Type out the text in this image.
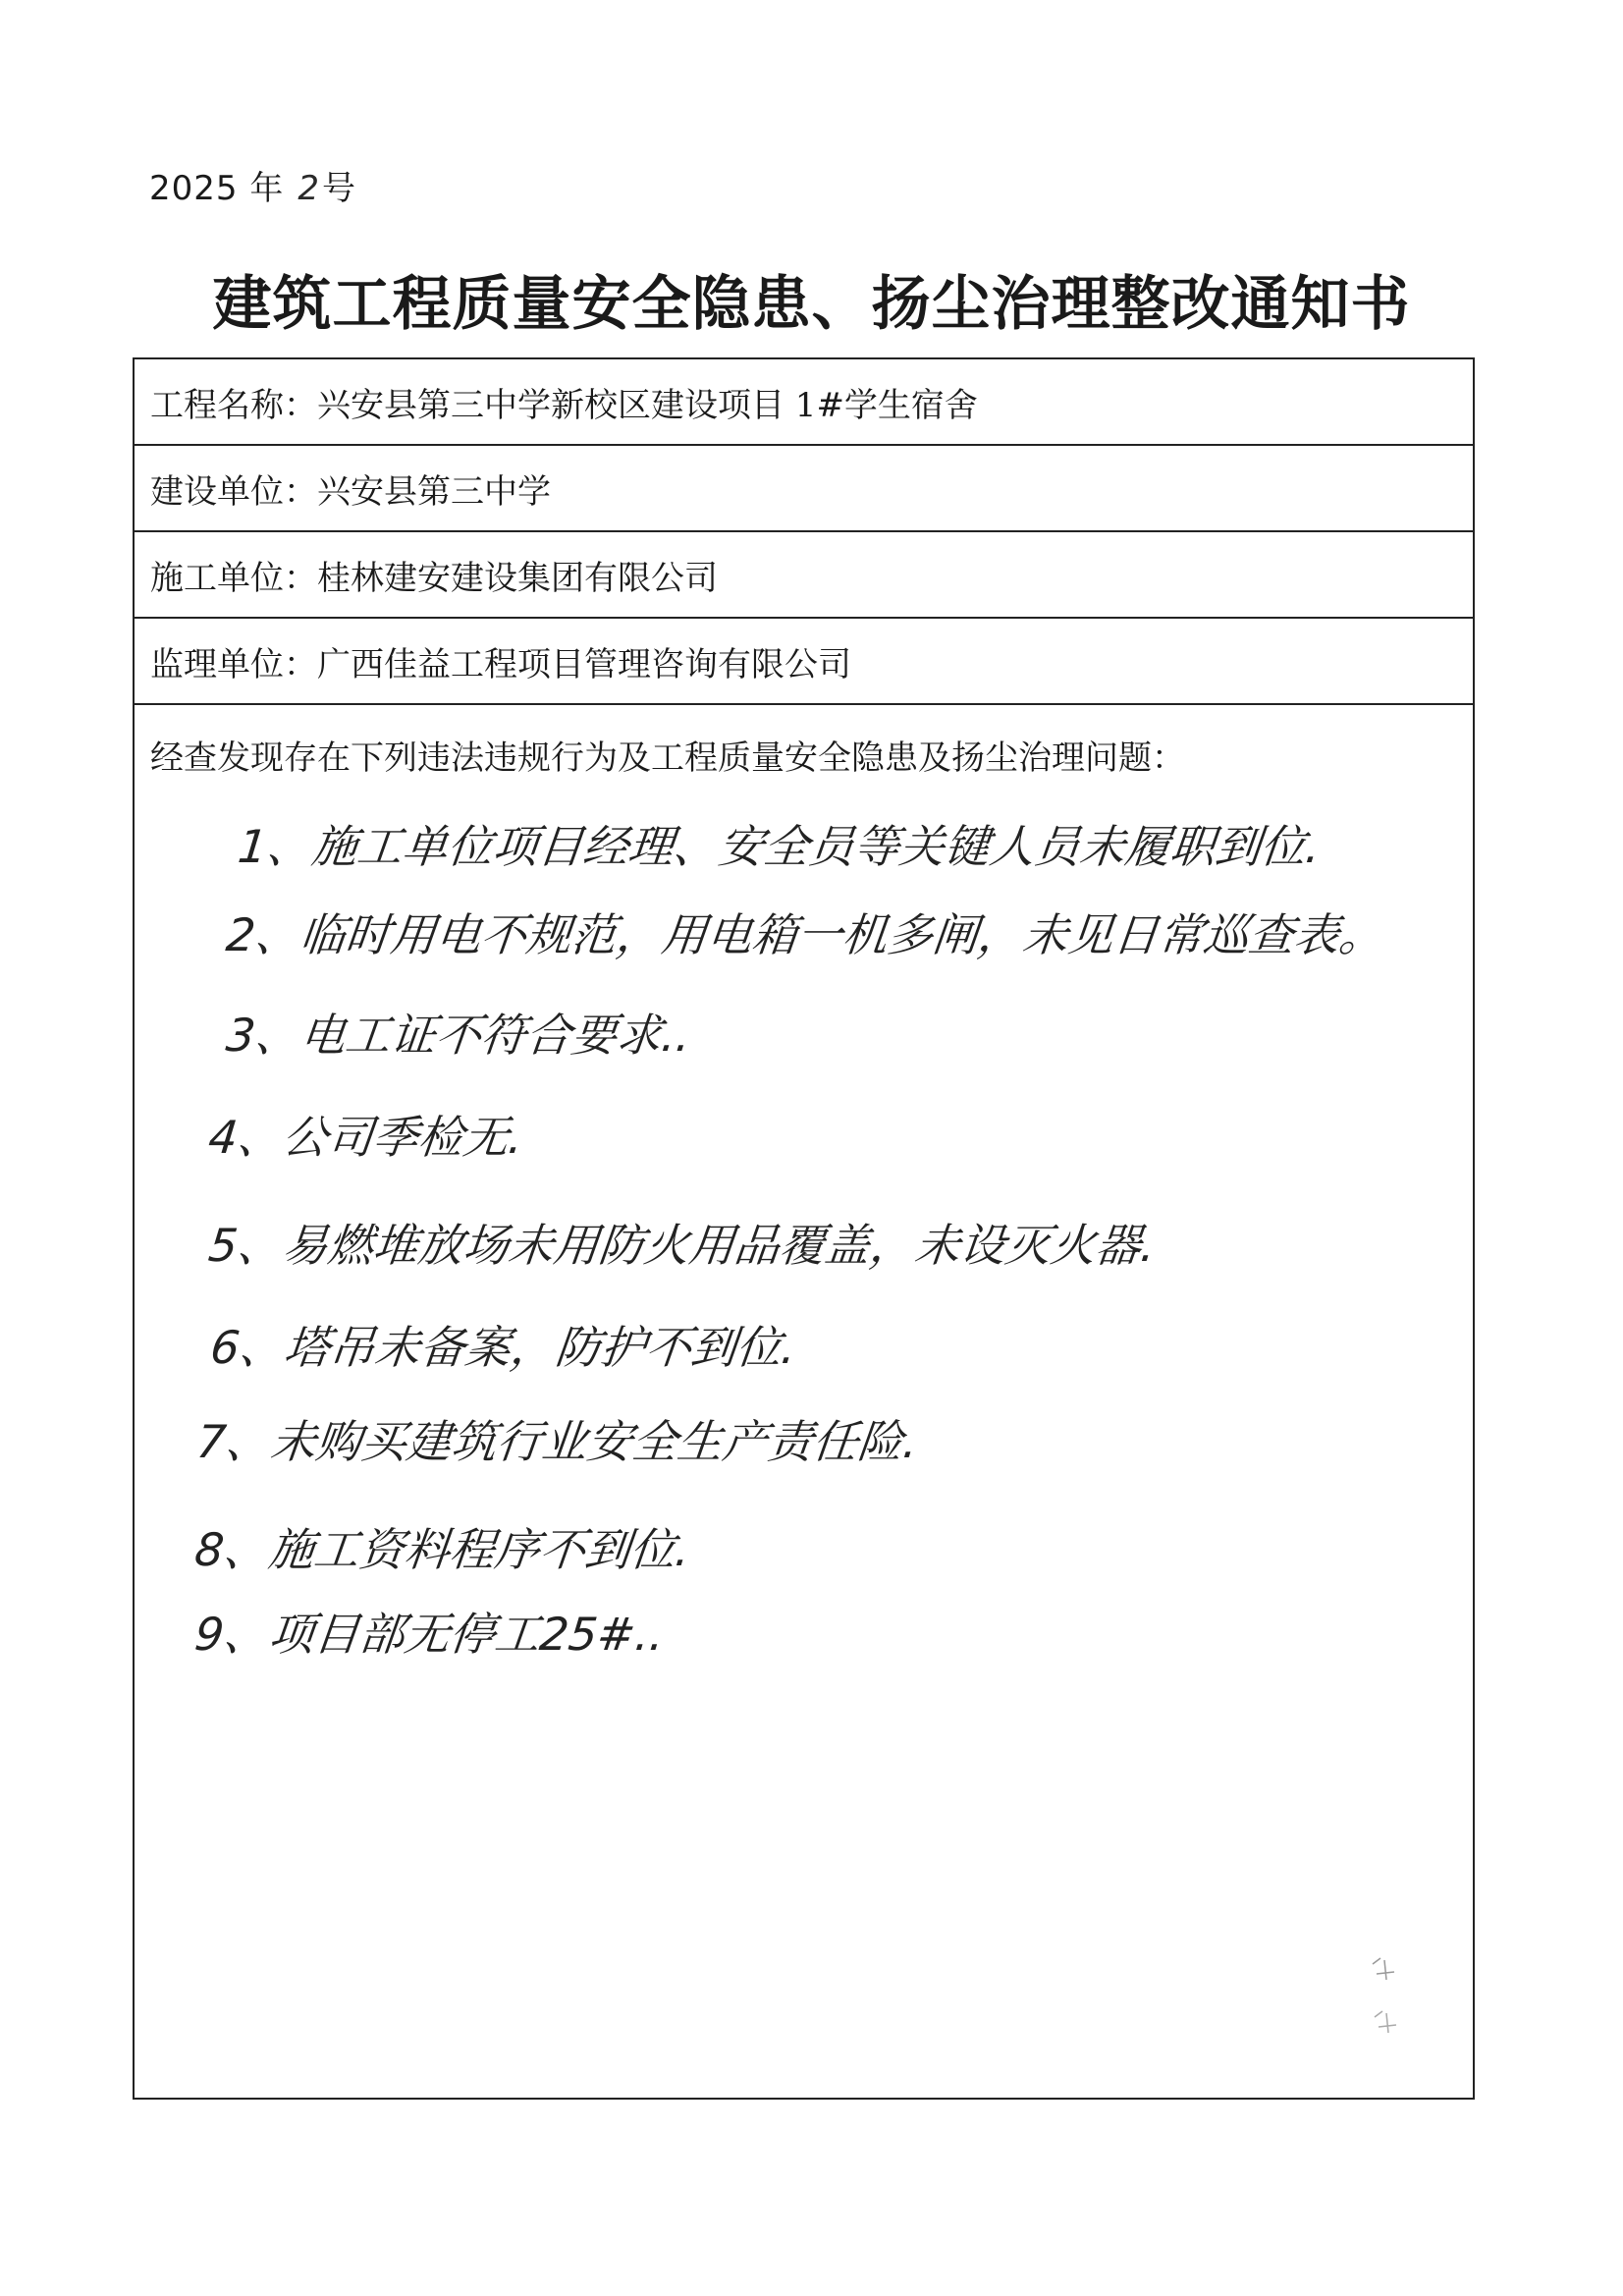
2025 年 2号
建筑工程质量安全隐患、扬尘治理整改通知书
工程名称： 兴安县第三中学新校区建设项目 1#学生宿舍
建设单位： 兴安县第三中学
施工单位： 桂林建安建设集团有限公司
监理单位： 广西佳益工程项目管理咨询有限公司
经查发现存在下列违法违规行为及工程质量安全隐患及扬尘治理问题：
1、施工单位项目经理、安全员等关键人员未履职到位.
2、临时用电不规范，用电箱一机多闸，未见日常巡查表。
3、电工证不符合要求..
4、公司季检无.
5、易燃堆放场未用防火用品覆盖，未设灭火器.
6、塔吊未备案，防护不到位.
7、未购买建筑行业安全生产责任险.
8、施工资料程序不到位.
9、项目部无停工25#..
